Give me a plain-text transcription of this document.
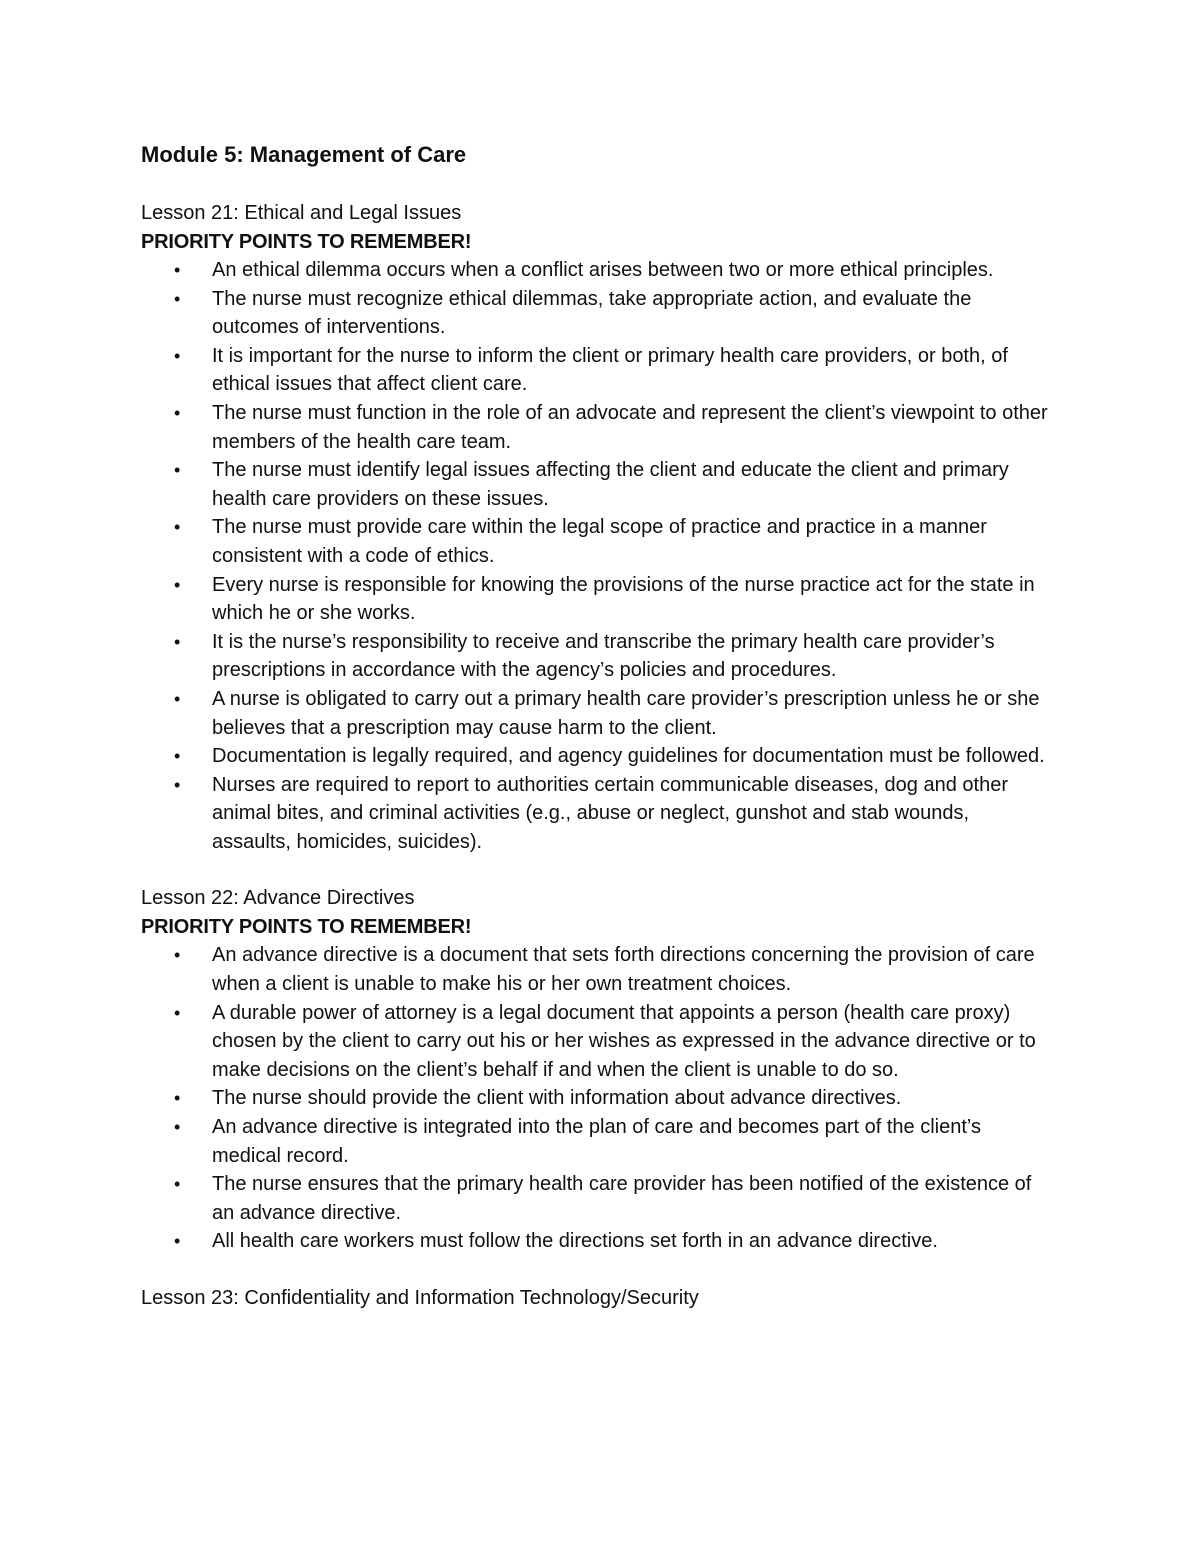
Module 5: Management of Care

Lesson 21: Ethical and Legal Issues

PRIORITY POINTS TO REMEMBER!

• An ethical dilemma occurs when a conflict arises between two or more ethical principles.
• The nurse must recognize ethical dilemmas, take appropriate action, and evaluate the outcomes of interventions.
• It is important for the nurse to inform the client or primary health care providers, or both, of ethical issues that affect client care.
• The nurse must function in the role of an advocate and represent the client’s viewpoint to other members of the health care team.
• The nurse must identify legal issues affecting the client and educate the client and primary health care providers on these issues.
• The nurse must provide care within the legal scope of practice and practice in a manner consistent with a code of ethics.
• Every nurse is responsible for knowing the provisions of the nurse practice act for the state in which he or she works.
• It is the nurse’s responsibility to receive and transcribe the primary health care provider’s prescriptions in accordance with the agency’s policies and procedures.
• A nurse is obligated to carry out a primary health care provider’s prescription unless he or she believes that a prescription may cause harm to the client.
• Documentation is legally required, and agency guidelines for documentation must be followed.
• Nurses are required to report to authorities certain communicable diseases, dog and other animal bites, and criminal activities (e.g., abuse or neglect, gunshot and stab wounds, assaults, homicides, suicides).

Lesson 22: Advance Directives

PRIORITY POINTS TO REMEMBER!

• An advance directive is a document that sets forth directions concerning the provision of care when a client is unable to make his or her own treatment choices.
• A durable power of attorney is a legal document that appoints a person (health care proxy) chosen by the client to carry out his or her wishes as expressed in the advance directive or to make decisions on the client’s behalf if and when the client is unable to do so.
• The nurse should provide the client with information about advance directives.
• An advance directive is integrated into the plan of care and becomes part of the client’s medical record.
• The nurse ensures that the primary health care provider has been notified of the existence of an advance directive.
• All health care workers must follow the directions set forth in an advance directive.

Lesson 23: Confidentiality and Information Technology/Security
